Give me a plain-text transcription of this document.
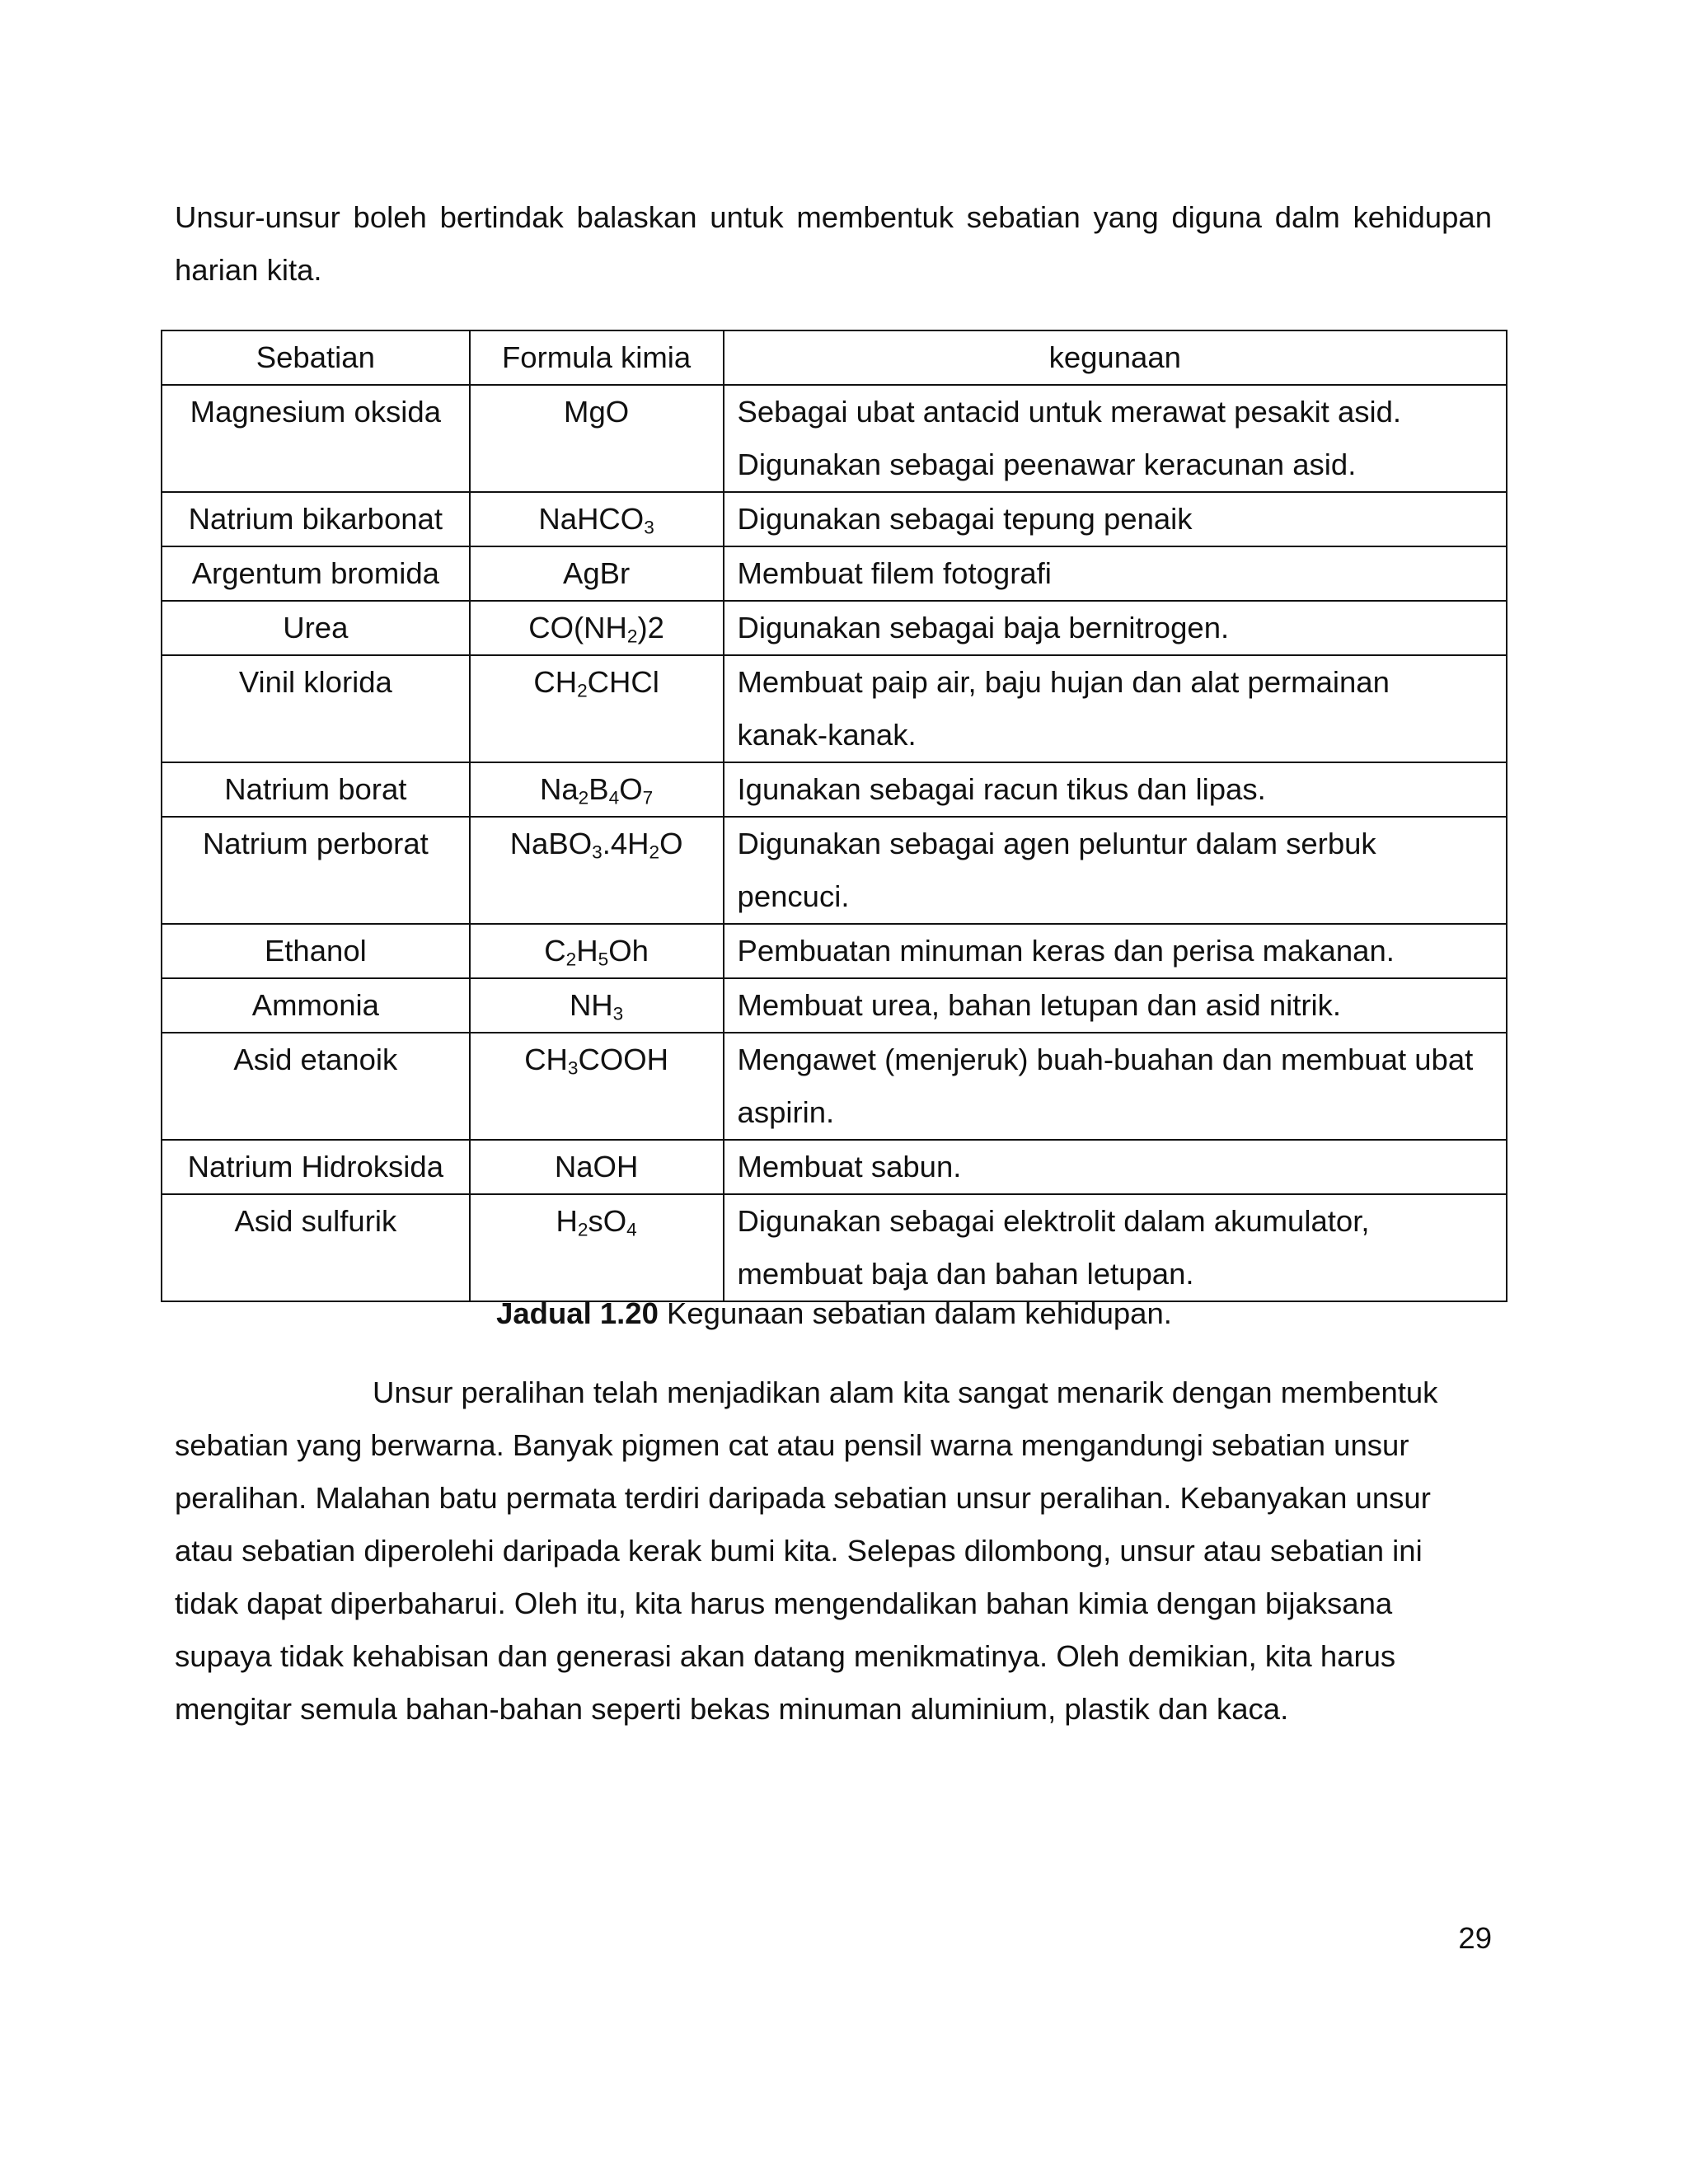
Unsur-unsur boleh bertindak balaskan untuk membentuk sebatian yang diguna dalm kehidupan harian kita.
Sebatian	Formula kimia	kegunaan
Magnesium oksida	MgO	Sebagai ubat antacid untuk merawat pesakit asid.
Digunakan sebagai peenawar keracunan asid.

Natrium bikarbonat	NaHCO$_3$	Digunakan sebagai tepung penaik

Argentum bromida	AgBr	Membuat filem fotografi

Urea	$CO(NH_2)2$	Digunakan sebagai baja bernitrogen.

Vinil klorida	$CH_2CHCl$	Membuat paip air, baju hujan dan alat permainan
kanak-kanak.

Natrium borat	$Na_2B_4O_7$	Igunakan sebagai racun tikus dan lipas.

Natrium perborat	$NaBO_3.4H_2O$	Digunakan sebagai agen peluntur dalam serbuk
pencuci.

Ethanol	$C_2H_5Oh$	Pembuatan minuman keras dan perisa makanan.

Ammonia	$NH_3$	Membuat urea, bahan letupan dan asid nitrik.

Asid etanoik	$CH_3COOH$	Mengawet (menjeruk) buah-buahan dan membuat ubat
aspirin.

Natrium Hidroksida	NaOH	Membuat sabun.

Asid sulfurik	$H_2sO_4$	Digunakan sebagai elektrolit dalam akumulator,
membuat baja dan bahan letupan.
Jadual 1.20 Kegunaan sebatian dalam kehidupan.
Unsur peralihan telah menjadikan alam kita sangat menarik dengan membentuk
sebatian yang berwarna. Banyak pigmen cat atau pensil warna mengandungi sebatian unsur
peralihan. Malahan batu permata terdiri daripada sebatian unsur peralihan. Kebanyakan unsur
atau sebatian diperolehi daripada kerak bumi kita. Selepas dilombong, unsur atau sebatian ini
tidak dapat diperbaharui. Oleh itu, kita harus mengendalikan bahan kimia dengan bijaksana
supaya tidak kehabisan dan generasi akan datang menikmatinya. Oleh demikian, kita harus
mengitar semula bahan-bahan seperti bekas minuman aluminium, plastik dan kaca.
29
